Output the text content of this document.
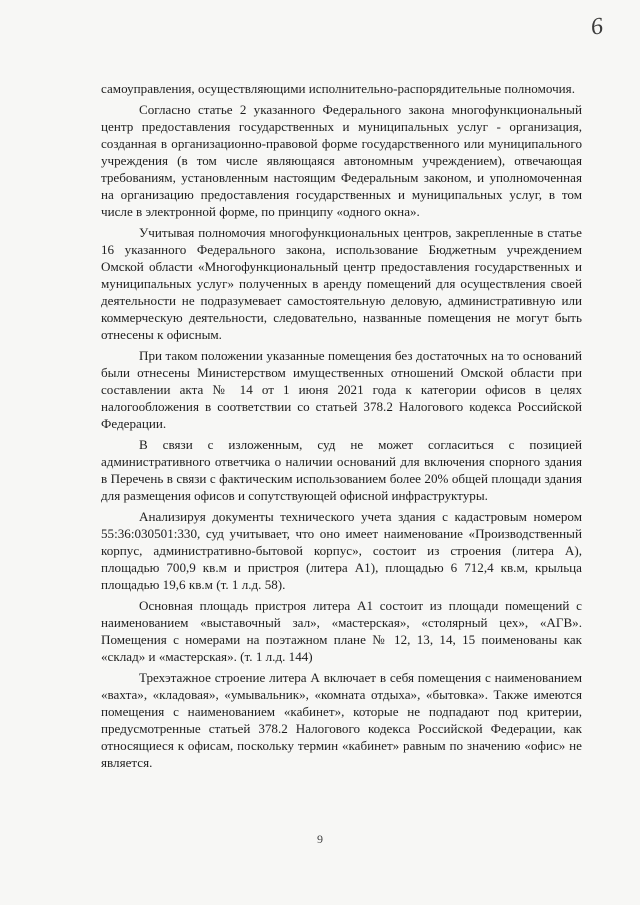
6

самоуправления, осуществляющими исполнительно-распорядительные полномочия.

Согласно статье 2 указанного Федерального закона многофункциональный центр предоставления государственных и муниципальных услуг - организация, созданная в организационно-правовой форме государственного или муниципального учреждения (в том числе являющаяся автономным учреждением), отвечающая требованиям, установленным настоящим Федеральным законом, и уполномоченная на организацию предоставления государственных и муниципальных услуг, в том числе в электронной форме, по принципу «одного окна».

Учитывая полномочия многофункциональных центров, закрепленные в статье 16 указанного Федерального закона, использование Бюджетным учреждением Омской области «Многофункциональный центр предоставления государственных и муниципальных услуг» полученных в аренду помещений для осуществления своей деятельности не подразумевает самостоятельную деловую, административную или коммерческую деятельности, следовательно, названные помещения не могут быть отнесены к офисным.

При таком положении указанные помещения без достаточных на то оснований были отнесены Министерством имущественных отношений Омской области при составлении акта № 14 от 1 июня 2021 года к категории офисов в целях налогообложения в соответствии со статьей 378.2 Налогового кодекса Российской Федерации.

В связи с изложенным, суд не может согласиться с позицией административного ответчика о наличии оснований для включения спорного здания в Перечень в связи с фактическим использованием более 20% общей площади здания для размещения офисов и сопутствующей офисной инфраструктуры.

Анализируя документы технического учета здания с кадастровым номером 55:36:030501:330, суд учитывает, что оно имеет наименование «Производственный корпус, административно-бытовой корпус», состоит из строения (литера А), площадью 700,9 кв.м и пристроя (литера А1), площадью 6 712,4 кв.м, крыльца площадью 19,6 кв.м (т. 1 л.д. 58).

Основная площадь пристроя литера А1 состоит из площади помещений с наименованием «выставочный зал», «мастерская», «столярный цех», «АГВ». Помещения с номерами на поэтажном плане № 12, 13, 14, 15 поименованы как «склад» и «мастерская». (т. 1 л.д. 144)

Трехэтажное строение литера А включает в себя помещения с наименованием «вахта», «кладовая», «умывальник», «комната отдыха», «бытовка». Также имеются помещения с наименованием «кабинет», которые не подпадают под критерии, предусмотренные статьей 378.2 Налогового кодекса Российской Федерации, как относящиеся к офисам, поскольку термин «кабинет» равным по значению «офис» не является.

9
